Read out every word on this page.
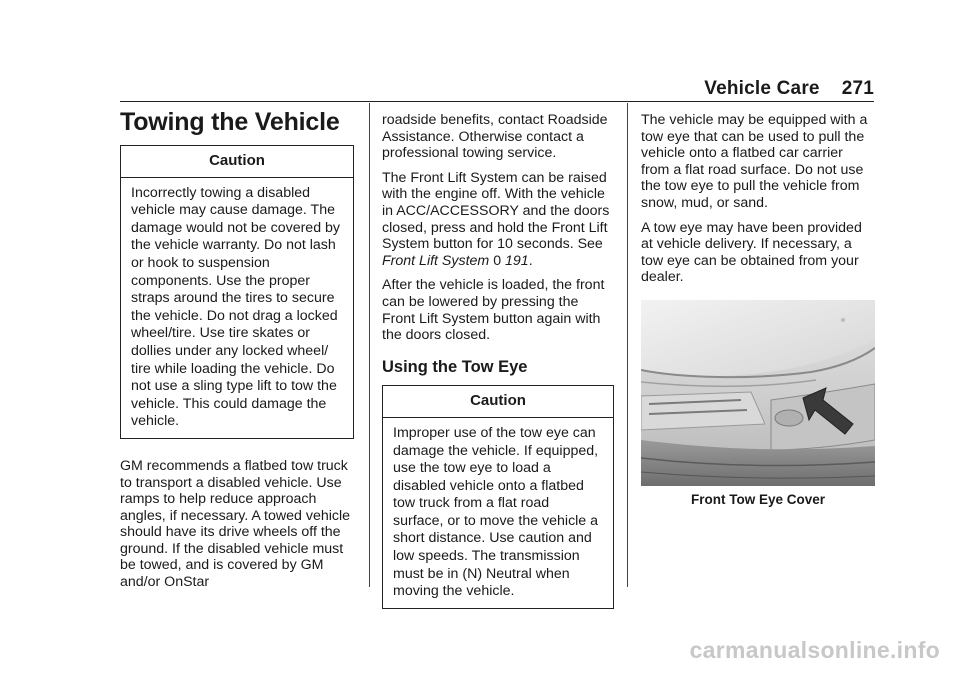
Vehicle Care 271
Towing the Vehicle
Caution
Incorrectly towing a disabled vehicle may cause damage. The damage would not be covered by the vehicle warranty. Do not lash or hook to suspension components. Use the proper straps around the tires to secure the vehicle. Do not drag a locked wheel/tire. Use tire skates or dollies under any locked wheel/ tire while loading the vehicle. Do not use a sling type lift to tow the vehicle. This could damage the vehicle.

GM recommends a flatbed tow truck to transport a disabled vehicle. Use ramps to help reduce approach angles, if necessary. A towed vehicle should have its drive wheels off the ground. If the disabled vehicle must be towed, and is covered by GM and/or OnStar

roadside benefits, contact Roadside Assistance. Otherwise contact a professional towing service.

The Front Lift System can be raised with the engine off. With the vehicle in ACC/ACCESSORY and the doors closed, press and hold the Front Lift System button for 10 seconds. See Front Lift System 0 191.

After the vehicle is loaded, the front can be lowered by pressing the Front Lift System button again with the doors closed.

Using the Tow Eye
Caution
Improper use of the tow eye can damage the vehicle. If equipped, use the tow eye to load a disabled vehicle onto a flatbed tow truck from a flat road surface, or to move the vehicle a short distance. Use caution and low speeds. The transmission must be in (N) Neutral when moving the vehicle.

The vehicle may be equipped with a tow eye that can be used to pull the vehicle onto a flatbed car carrier from a flat road surface. Do not use the tow eye to pull the vehicle from snow, mud, or sand.

A tow eye may have been provided at vehicle delivery. If necessary, a tow eye can be obtained from your dealer.

Front Tow Eye Cover
carmanualsonline.info
